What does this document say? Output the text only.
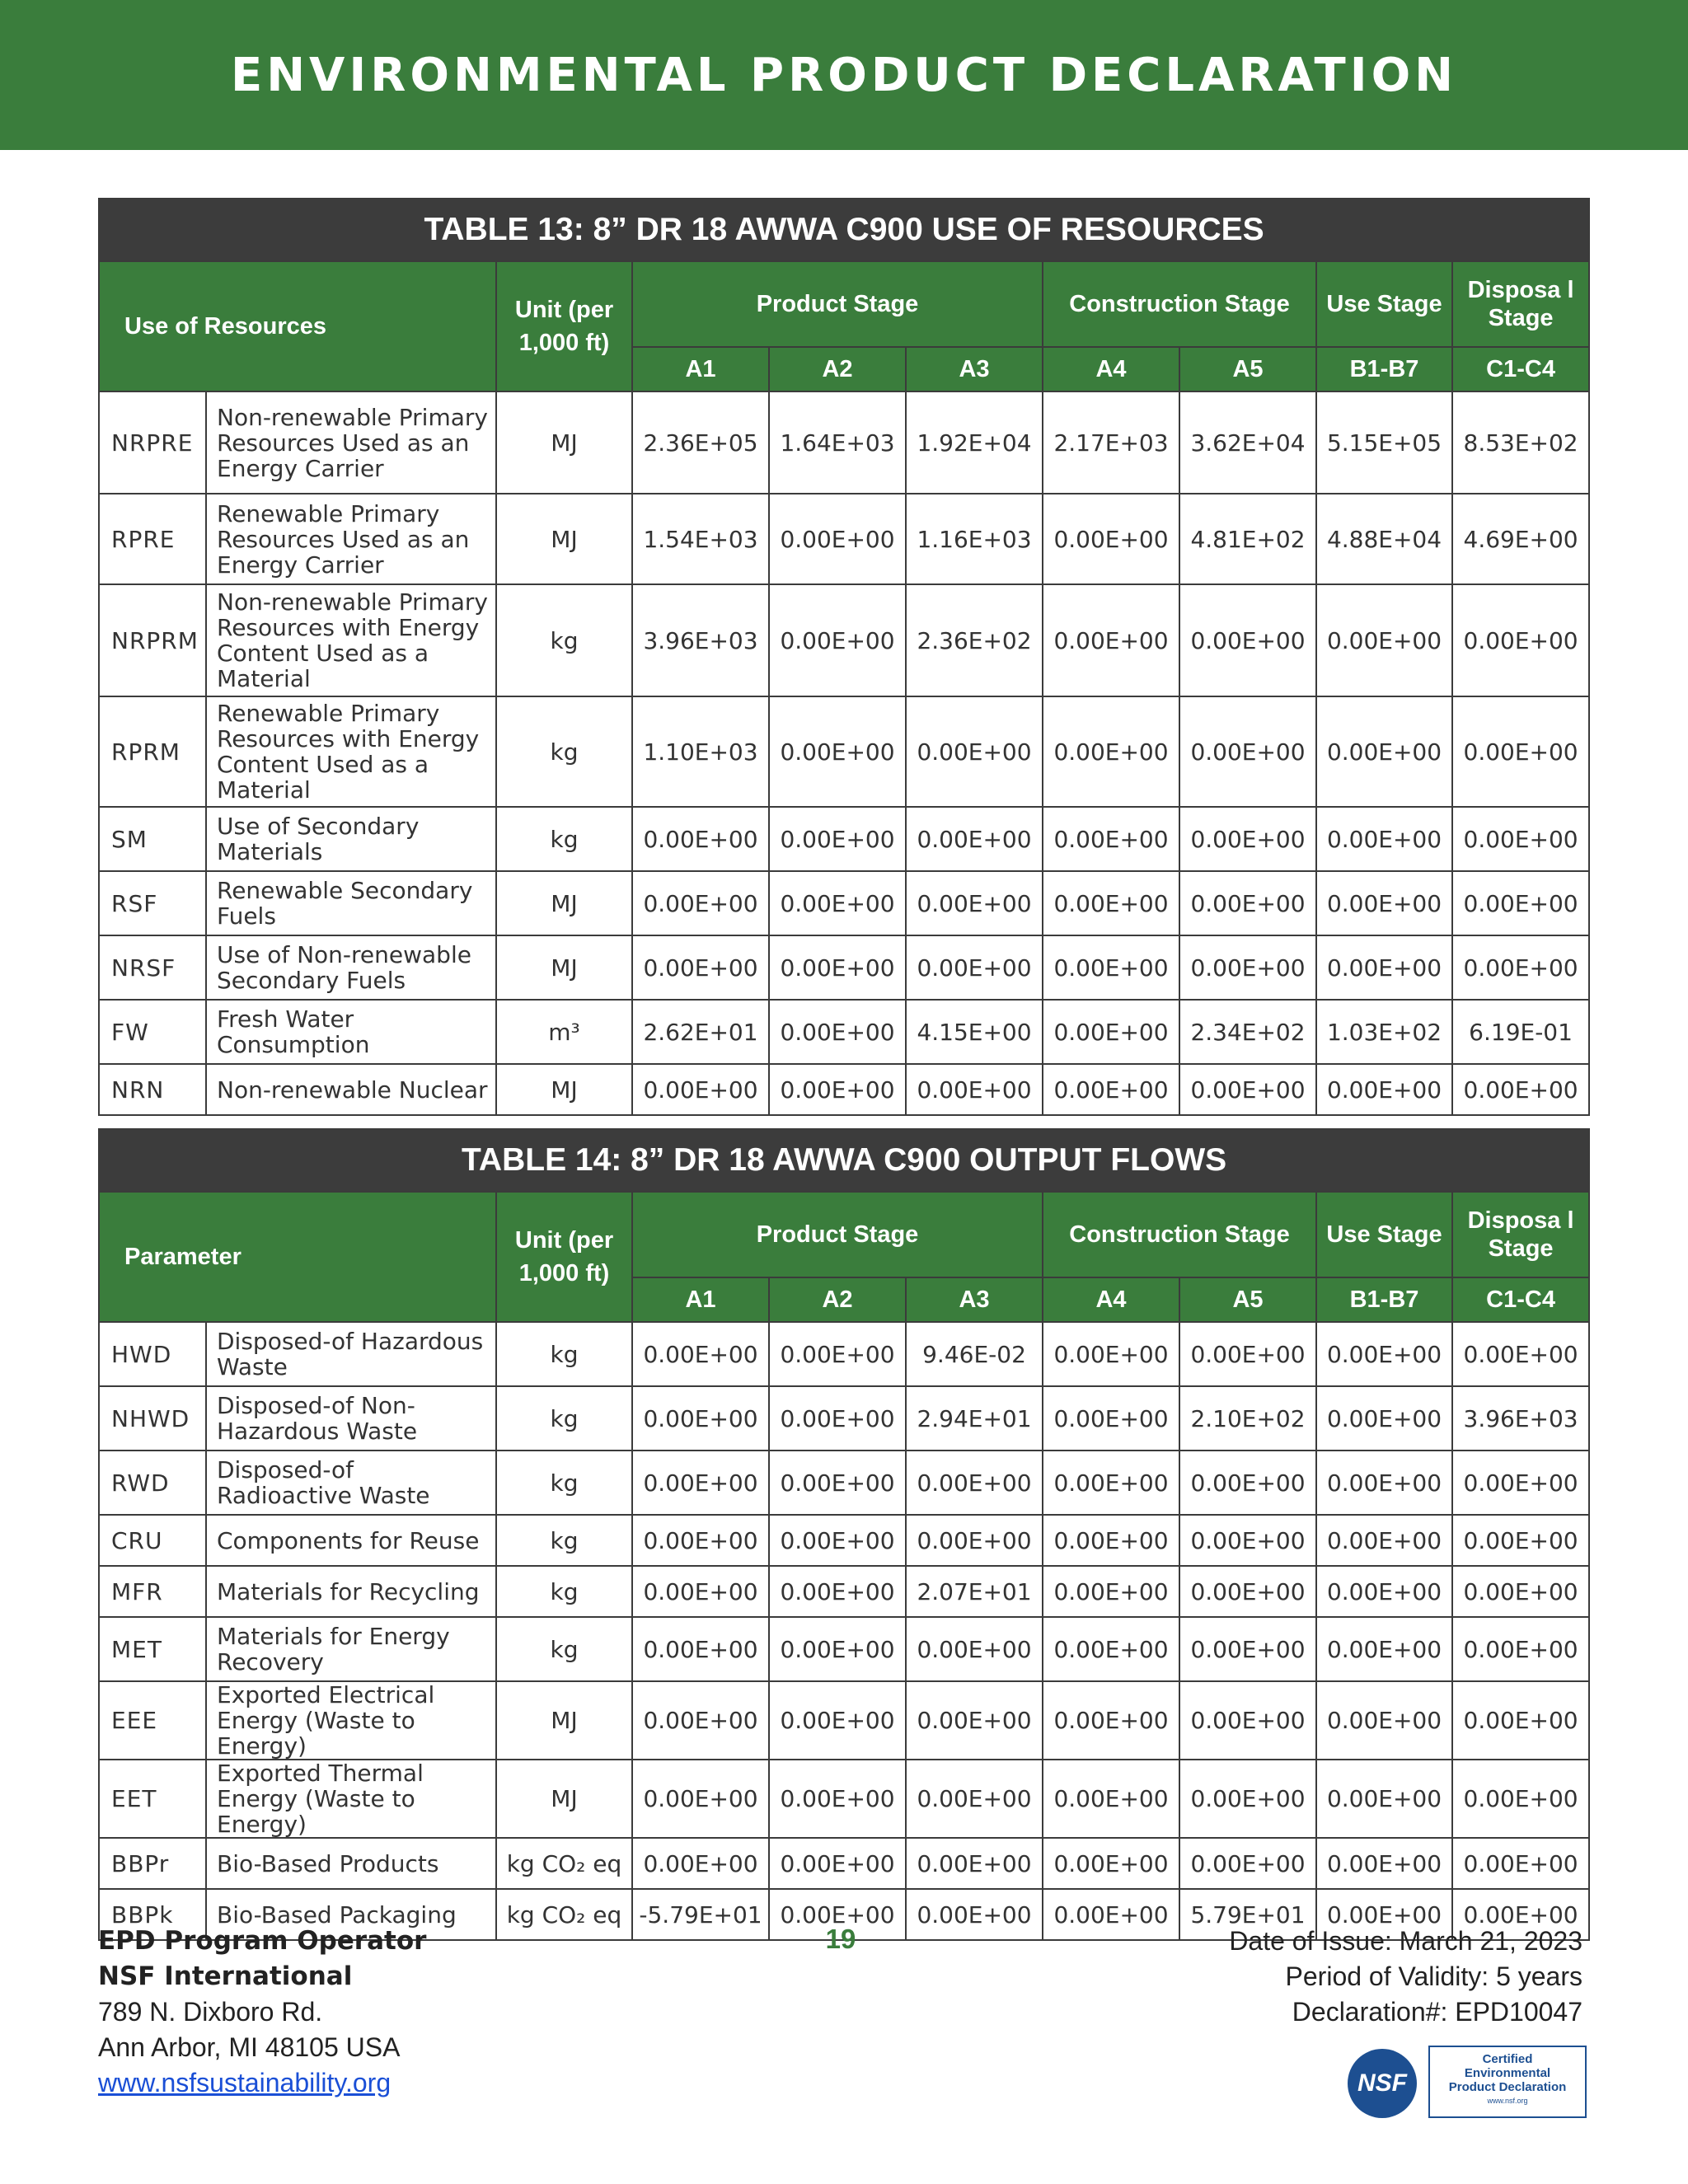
ENVIRONMENTAL PRODUCT DECLARATION
TABLE 13: 8” DR 18 AWWA C900 USE OF RESOURCES									
Use of Resources		Unit (per 1,000 ft)	Product Stage			Construction Stage		Use Stage	Disposa l Stage
			A1	A2	A3	A4	A5	B1-B7	C1-C4
NRPRE	Non-renewable Primary Resources Used as an Energy Carrier	MJ	2.36E+05	1.64E+03	1.92E+04	2.17E+03	3.62E+04	5.15E+05	8.53E+02
RPRE	Renewable Primary Resources Used as an Energy Carrier	MJ	1.54E+03	0.00E+00	1.16E+03	0.00E+00	4.81E+02	4.88E+04	4.69E+00
NRPRM	Non-renewable Primary Resources with Energy Content Used as a Material	kg	3.96E+03	0.00E+00	2.36E+02	0.00E+00	0.00E+00	0.00E+00	0.00E+00
RPRM	Renewable Primary Resources with Energy Content Used as a Material	kg	1.10E+03	0.00E+00	0.00E+00	0.00E+00	0.00E+00	0.00E+00	0.00E+00
SM	Use of Secondary Materials	kg	0.00E+00	0.00E+00	0.00E+00	0.00E+00	0.00E+00	0.00E+00	0.00E+00
RSF	Renewable Secondary Fuels	MJ	0.00E+00	0.00E+00	0.00E+00	0.00E+00	0.00E+00	0.00E+00	0.00E+00
NRSF	Use of Non-renewable Secondary Fuels	MJ	0.00E+00	0.00E+00	0.00E+00	0.00E+00	0.00E+00	0.00E+00	0.00E+00
FW	Fresh Water Consumption	m³	2.62E+01	0.00E+00	4.15E+00	0.00E+00	2.34E+02	1.03E+02	6.19E-01
NRN	Non-renewable Nuclear	MJ	0.00E+00	0.00E+00	0.00E+00	0.00E+00	0.00E+00	0.00E+00	0.00E+00
TABLE 14: 8” DR 18 AWWA C900 OUTPUT FLOWS									
Parameter		Unit (per 1,000 ft)	Product Stage			Construction Stage		Use Stage	Disposa l Stage
			A1	A2	A3	A4	A5	B1-B7	C1-C4
HWD	Disposed-of Hazardous Waste	kg	0.00E+00	0.00E+00	9.46E-02	0.00E+00	0.00E+00	0.00E+00	0.00E+00
NHWD	Disposed-of Non-Hazardous Waste	kg	0.00E+00	0.00E+00	2.94E+01	0.00E+00	2.10E+02	0.00E+00	3.96E+03
RWD	Disposed-of Radioactive Waste	kg	0.00E+00	0.00E+00	0.00E+00	0.00E+00	0.00E+00	0.00E+00	0.00E+00
CRU	Components for Reuse	kg	0.00E+00	0.00E+00	0.00E+00	0.00E+00	0.00E+00	0.00E+00	0.00E+00
MFR	Materials for Recycling	kg	0.00E+00	0.00E+00	2.07E+01	0.00E+00	0.00E+00	0.00E+00	0.00E+00
MET	Materials for Energy Recovery	kg	0.00E+00	0.00E+00	0.00E+00	0.00E+00	0.00E+00	0.00E+00	0.00E+00
EEE	Exported Electrical Energy (Waste to Energy)	MJ	0.00E+00	0.00E+00	0.00E+00	0.00E+00	0.00E+00	0.00E+00	0.00E+00
EET	Exported Thermal Energy (Waste to Energy)	MJ	0.00E+00	0.00E+00	0.00E+00	0.00E+00	0.00E+00	0.00E+00	0.00E+00
BBPr	Bio-Based Products	kg CO₂ eq	0.00E+00	0.00E+00	0.00E+00	0.00E+00	0.00E+00	0.00E+00	0.00E+00
BBPk	Bio-Based Packaging	kg CO₂ eq	-5.79E+01	0.00E+00	0.00E+00	0.00E+00	5.79E+01	0.00E+00	0.00E+00
EPD Program Operator
NSF International
789 N. Dixboro Rd.
Ann Arbor, MI 48105 USA
www.nsfsustainability.org
19	Date of Issue: March 21, 2023
Period of Validity: 5 years
Declaration#: EPD10047
NSF
Certified
Environmental
Product Declaration
www.nsf.org
